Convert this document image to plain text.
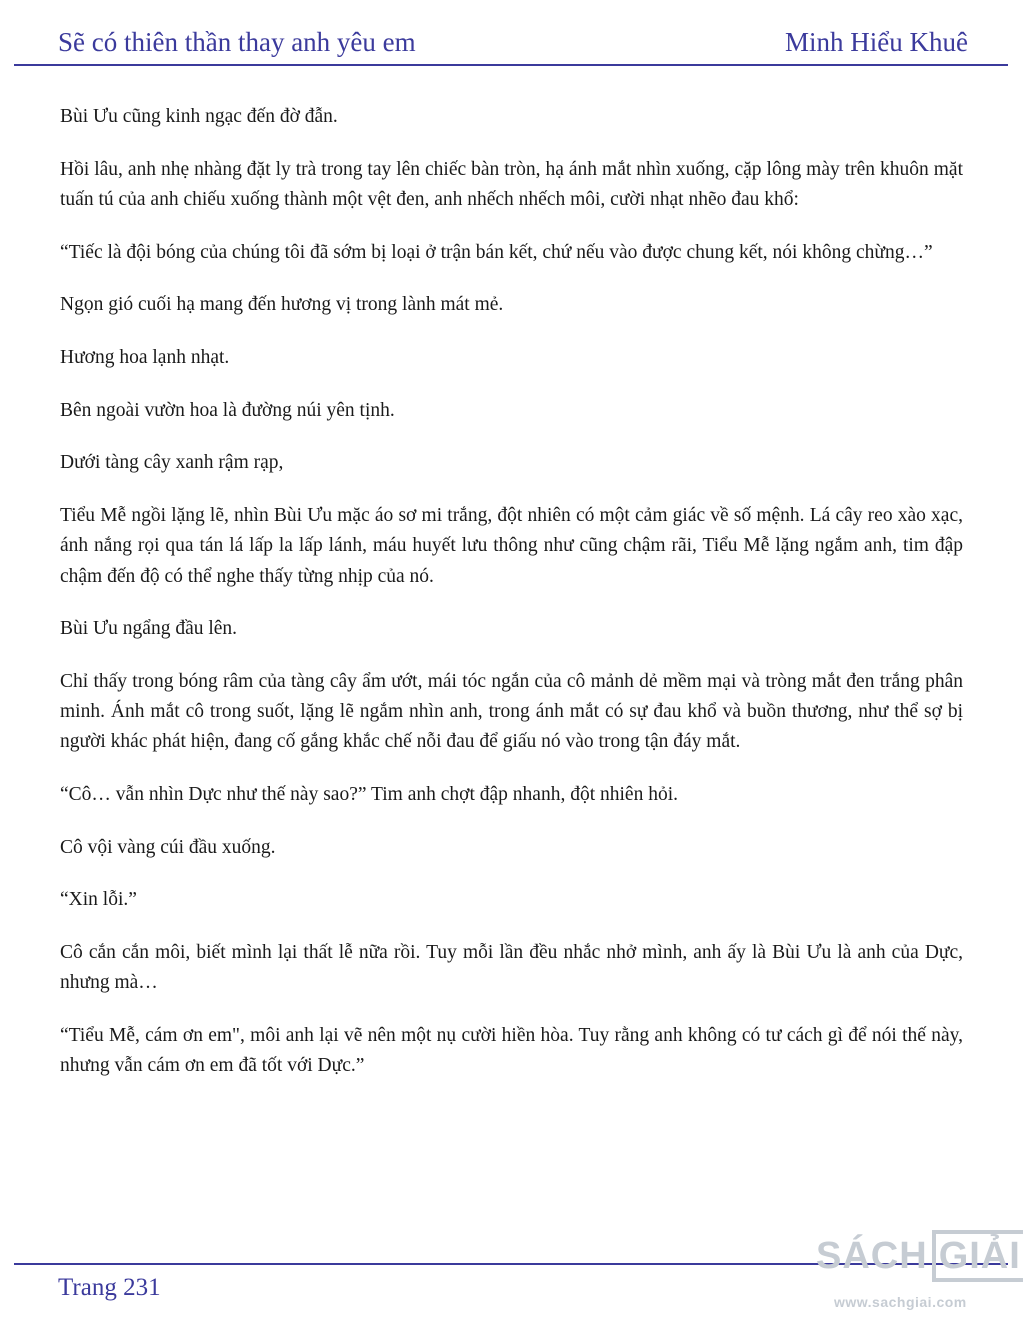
Sẽ có thiên thần thay anh yêu em	Minh Hiểu Khuê

Bùi Ưu cũng kinh ngạc đến đờ đẫn.

Hồi lâu, anh nhẹ nhàng đặt ly trà trong tay lên chiếc bàn tròn, hạ ánh mắt nhìn xuống, cặp lông mày trên khuôn mặt tuấn tú của anh chiếu xuống thành một vệt đen, anh nhếch nhếch môi, cười nhạt nhẽo đau khổ:

“Tiếc là đội bóng của chúng tôi đã sớm bị loại ở trận bán kết, chứ nếu vào được chung kết, nói không chừng…”

Ngọn gió cuối hạ mang đến hương vị trong lành mát mẻ.

Hương hoa lạnh nhạt.

Bên ngoài vườn hoa là đường núi yên tịnh.

Dưới tàng cây xanh rậm rạp,

Tiểu Mễ ngồi lặng lẽ, nhìn Bùi Ưu mặc áo sơ mi trắng, đột nhiên có một cảm giác về số mệnh. Lá cây reo xào xạc, ánh nắng rọi qua tán lá lấp la lấp lánh, máu huyết lưu thông như cũng chậm rãi, Tiểu Mễ lặng ngắm anh, tim đập chậm đến độ có thể nghe thấy từng nhịp của nó.

Bùi Ưu ngẩng đầu lên.

Chỉ thấy trong bóng râm của tàng cây ẩm ướt, mái tóc ngắn của cô mảnh dẻ mềm mại và tròng mắt đen trắng phân minh. Ánh mắt cô trong suốt, lặng lẽ ngắm nhìn anh, trong ánh mắt có sự đau khổ và buồn thương, như thể sợ bị người khác phát hiện, đang cố gắng khắc chế nỗi đau để giấu nó vào trong tận đáy mắt.

“Cô… vẫn nhìn Dực như thế này sao?” Tim anh chợt đập nhanh, đột nhiên hỏi.

Cô vội vàng cúi đầu xuống.

“Xin lỗi.”

Cô cắn cắn môi, biết mình lại thất lễ nữa rồi. Tuy mỗi lần đều nhắc nhở mình, anh ấy là Bùi Ưu là anh của Dực, nhưng mà…

“Tiểu Mễ, cám ơn em", môi anh lại vẽ nên một nụ cười hiền hòa. Tuy rằng anh không có tư cách gì để nói thế này, nhưng vẫn cám ơn em đã tốt với Dực.”

Trang 231
SÁCH GIẢI
www.sachgiai.com
